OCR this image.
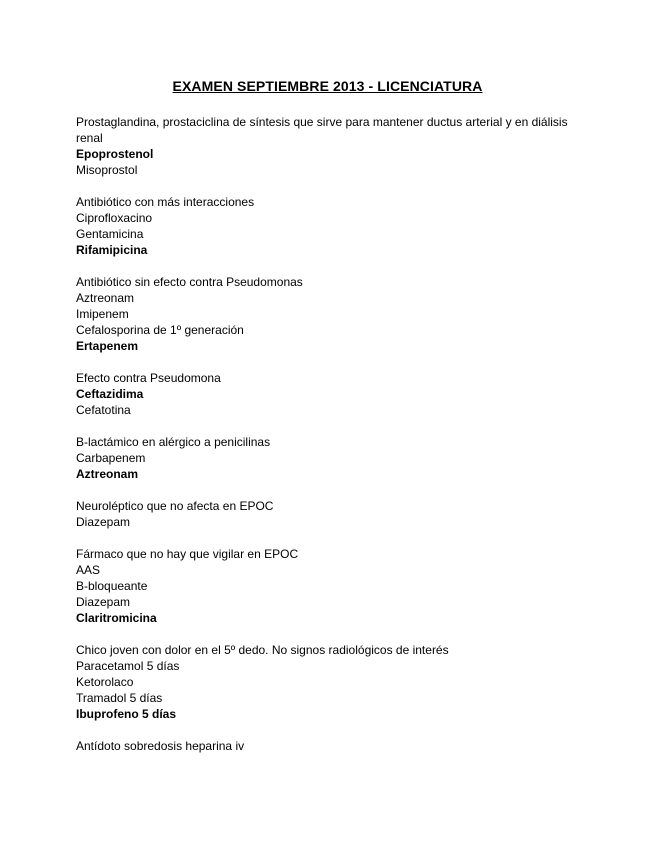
EXAMEN SEPTIEMBRE 2013 - LICENCIATURA
Prostaglandina, prostaciclina de síntesis que sirve para mantener ductus arterial y en diálisis renal
Epoprostenol
Misoprostol
Antibiótico con más interacciones
Ciprofloxacino
Gentamicina
Rifamipicina
Antibiótico sin efecto contra Pseudomonas
Aztreonam
Imipenem
Cefalosporina de 1º generación
Ertapenem
Efecto contra Pseudomona
Ceftazidima
Cefatotina
B-lactámico en alérgico a penicilinas
Carbapenem
Aztreonam
Neuroléptico que no afecta en EPOC
Diazepam
Fármaco que no hay que vigilar en EPOC
AAS
B-bloqueante
Diazepam
Claritromicina
Chico joven con dolor en el 5º dedo. No signos radiológicos de interés
Paracetamol 5 días
Ketorolaco
Tramadol 5 días
Ibuprofeno 5 días
Antídoto sobredosis heparina iv
